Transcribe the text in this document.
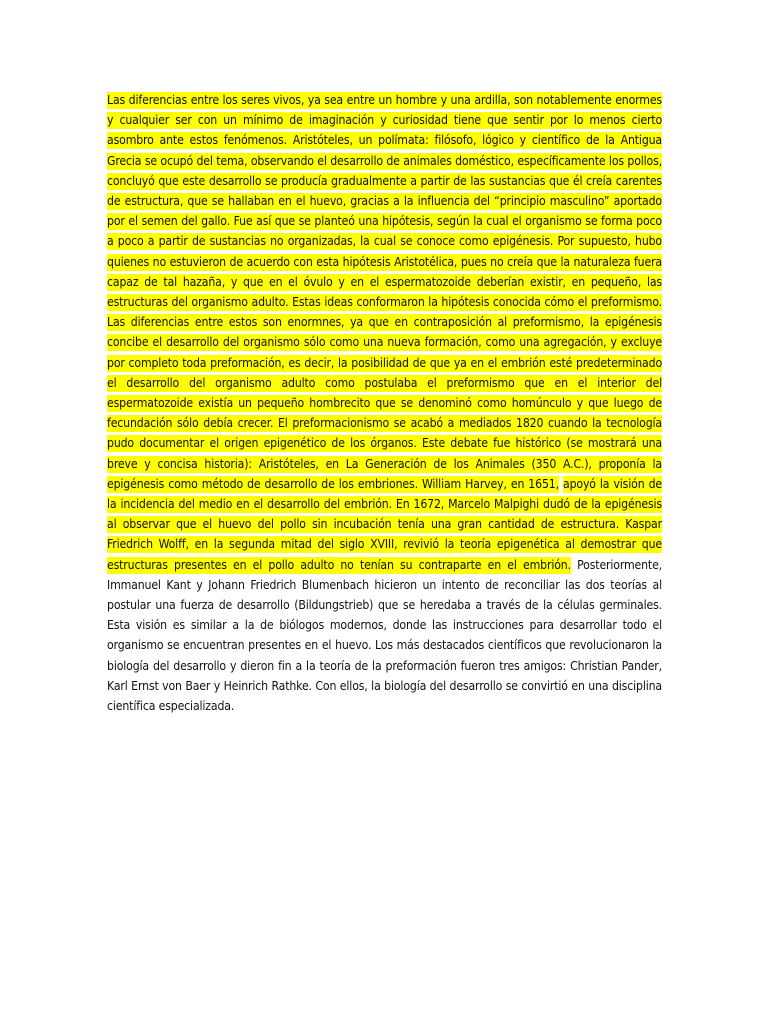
Las diferencias entre los seres vivos, ya sea entre un hombre y una ardilla, son notablemente enormes y cualquier ser con un mínimo de imaginación y curiosidad tiene que sentir por lo menos cierto asombro ante estos fenómenos. Aristóteles, un polímata: filósofo, lógico y científico de la Antigua Grecia se ocupó del tema, observando el desarrollo de animales doméstico, específicamente los pollos, concluyó que este desarrollo se producía gradualmente a partir de las sustancias que él creía carentes de estructura, que se hallaban en el huevo, gracias a la influencia del “principio masculino” aportado por el semen del gallo. Fue así que se planteó una hipótesis, según la cual el organismo se forma poco a poco a partir de sustancias no organizadas, la cual se conoce como epigénesis. Por supuesto, hubo quienes no estuvieron de acuerdo con esta hipótesis Aristotélica, pues no creía que la naturaleza fuera capaz de tal hazaña, y que en el óvulo y en el espermatozoide deberían existir, en pequeño, las estructuras del organismo adulto. Estas ideas conformaron la hipótesis conocida cómo el preformismo. Las diferencias entre estos son enormnes, ya que en contraposición al preformismo, la epigénesis concibe el desarrollo del organismo sólo como una nueva formación, como una agregación, y excluye por completo toda preformación, es decir, la posibilidad de que ya en el embrión esté predeterminado el desarrollo del organismo adulto como postulaba el preformismo que en el interior del espermatozoide existía un pequeño hombrecito que se denominó como homúnculo y que luego de fecundación sólo debía crecer. El preformacionismo se acabó a mediados 1820 cuando la tecnología pudo documentar el origen epigenético de los órganos. Este debate fue histórico (se mostrará una breve y concisa historia): Aristóteles, en La Generación de los Animales (350 A.C.), proponía la epigénesis como método de desarrollo de los embriones. William Harvey, en 1651, apoyó la visión de la incidencia del medio en el desarrollo del embrión. En 1672, Marcelo Malpighi dudó de la epigénesis al observar que el huevo del pollo sin incubación tenía una gran cantidad de estructura. Kaspar Friedrich Wolff, en la segunda mitad del siglo XVIII, revivió la teoría epigenética al demostrar que estructuras presentes en el pollo adulto no tenían su contraparte en el embrión. Posteriormente, Immanuel Kant y Johann Friedrich Blumenbach hicieron un intento de reconciliar las dos teorías al postular una fuerza de desarrollo (Bildungstrieb) que se heredaba a través de la células germinales. Esta visión es similar a la de biólogos modernos, donde las instrucciones para desarrollar todo el organismo se encuentran presentes en el huevo. Los más destacados científicos que revolucionaron la biología del desarrollo y dieron fin a la teoría de la preformación fueron tres amigos: Christian Pander, Karl Ernst von Baer y Heinrich Rathke. Con ellos, la biología del desarrollo se convirtió en una disciplina científica especializada.
